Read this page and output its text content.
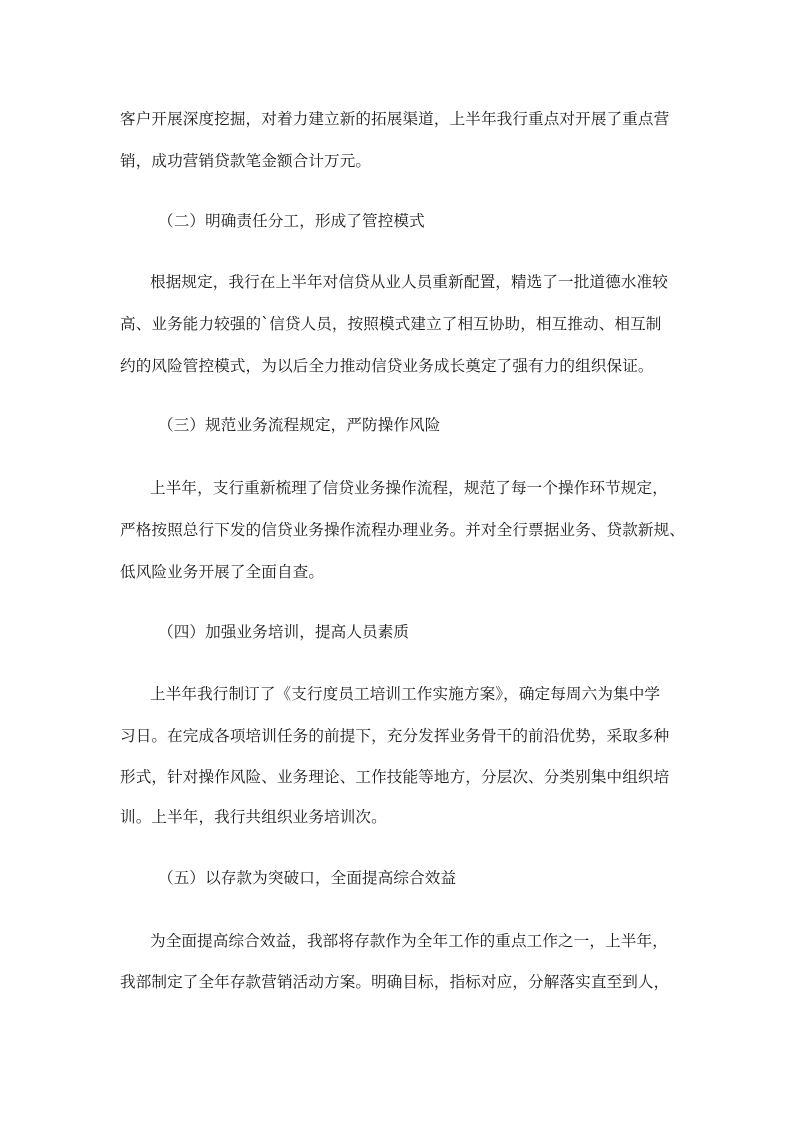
客户开展深度挖掘，对着力建立新的拓展渠道，上半年我行重点对开展了重点营
销，成功营销贷款笔金额合计万元。
（二）明确责任分工，形成了管控模式
根据规定，我行在上半年对信贷从业人员重新配置，精选了一批道德水准较
高、业务能力较强的`信贷人员，按照模式建立了相互协助，相互推动、相互制
约的风险管控模式，为以后全力推动信贷业务成长奠定了强有力的组织保证。
（三）规范业务流程规定，严防操作风险
上半年，支行重新梳理了信贷业务操作流程，规范了每一个操作环节规定，
严格按照总行下发的信贷业务操作流程办理业务。并对全行票据业务、贷款新规、
低风险业务开展了全面自查。
（四）加强业务培训，提高人员素质
上半年我行制订了《支行度员工培训工作实施方案》，确定每周六为集中学
习日。在完成各项培训任务的前提下，充分发挥业务骨干的前沿优势，采取多种
形式，针对操作风险、业务理论、工作技能等地方，分层次、分类别集中组织培
训。上半年，我行共组织业务培训次。
（五）以存款为突破口，全面提高综合效益
为全面提高综合效益，我部将存款作为全年工作的重点工作之一，上半年，
我部制定了全年存款营销活动方案。明确目标，指标对应，分解落实直至到人，
